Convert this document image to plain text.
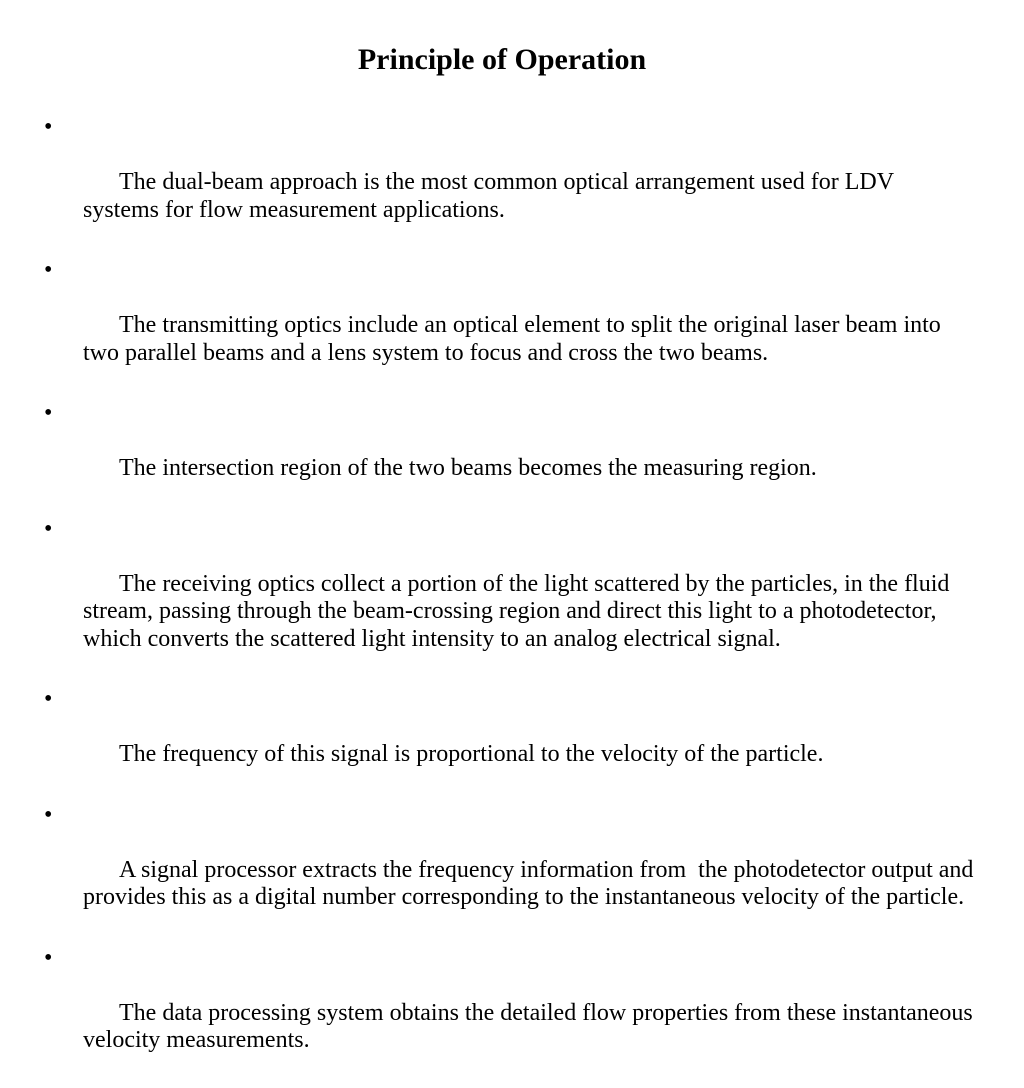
Principle of Operation

•

The dual-beam approach is the most common optical arrangement used for LDV systems for flow measurement applications.

•

The transmitting optics include an optical element to split the original laser beam into two parallel beams and a lens system to focus and cross the two beams.

•

The intersection region of the two beams becomes the measuring region.

•

The receiving optics collect a portion of the light scattered by the particles, in the fluid stream, passing through the beam-crossing region and direct this light to a photodetector, which converts the scattered light intensity to an analog electrical signal.

•

The frequency of this signal is proportional to the velocity of the particle.

•

A signal processor extracts the frequency information from  the photodetector output and provides this as a digital number corresponding to the instantaneous velocity of the particle.

•

The data processing system obtains the detailed flow properties from these instantaneous velocity measurements.
